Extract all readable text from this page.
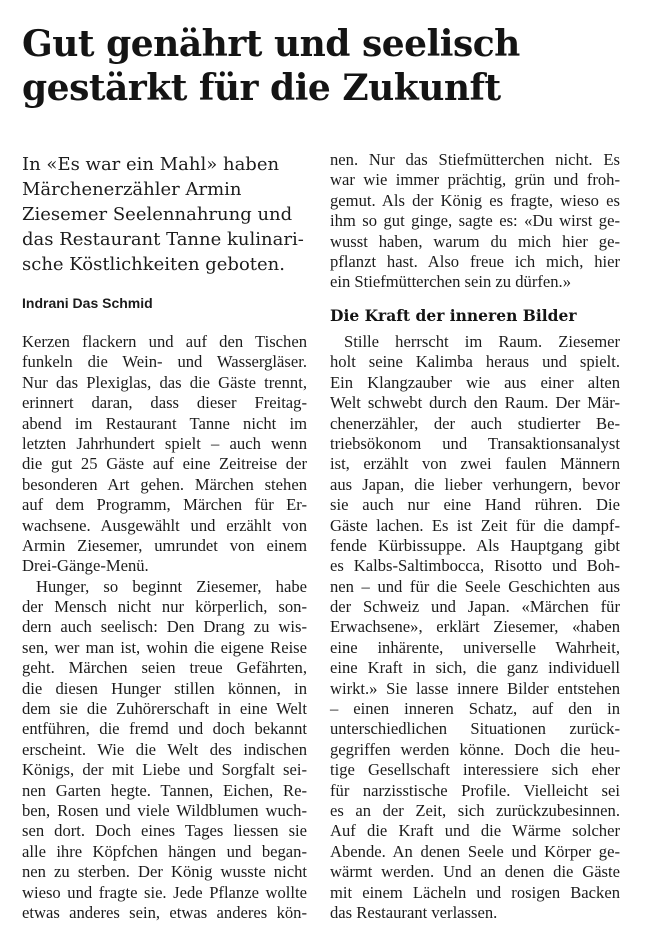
Gut genährt und seelisch
gestärkt für die Zukunft

In «Es war ein Mahl» haben
Märchenerzähler Armin
Ziesemer Seelennahrung und
das Restaurant Tanne kulinari-
sche Köstlichkeiten geboten.

Indrani Das Schmid

Kerzen flackern und auf den Tischen
funkeln die Wein- und Wassergläser.
Nur das Plexiglas, das die Gäste trennt,
erinnert daran, dass dieser Freitag-
abend im Restaurant Tanne nicht im
letzten Jahrhundert spielt – auch wenn
die gut 25 Gäste auf eine Zeitreise der
besonderen Art gehen. Märchen stehen
auf dem Programm, Märchen für Er-
wachsene. Ausgewählt und erzählt von
Armin Ziesemer, umrundet von einem
Drei-Gänge-Menü.
Hunger, so beginnt Ziesemer, habe
der Mensch nicht nur körperlich, son-
dern auch seelisch: Den Drang zu wis-
sen, wer man ist, wohin die eigene Reise
geht. Märchen seien treue Gefährten,
die diesen Hunger stillen können, in
dem sie die Zuhörerschaft in eine Welt
entführen, die fremd und doch bekannt
erscheint. Wie die Welt des indischen
Königs, der mit Liebe und Sorgfalt sei-
nen Garten hegte. Tannen, Eichen, Re-
ben, Rosen und viele Wildblumen wuch-
sen dort. Doch eines Tages liessen sie
alle ihre Köpfchen hängen und began-
nen zu sterben. Der König wusste nicht
wieso und fragte sie. Jede Pflanze wollte
etwas anderes sein, etwas anderes kön-
nen. Nur das Stiefmütterchen nicht. Es
war wie immer prächtig, grün und froh-
gemut. Als der König es fragte, wieso es
ihm so gut ginge, sagte es: «Du wirst ge-
wusst haben, warum du mich hier ge-
pflanzt hast. Also freue ich mich, hier
ein Stiefmütterchen sein zu dürfen.»
Die Kraft der inneren Bilder
Stille herrscht im Raum. Ziesemer
holt seine Kalimba heraus und spielt.
Ein Klangzauber wie aus einer alten
Welt schwebt durch den Raum. Der Mär-
chenerzähler, der auch studierter Be-
triebsökonom und Transaktionsanalyst
ist, erzählt von zwei faulen Männern
aus Japan, die lieber verhungern, bevor
sie auch nur eine Hand rühren. Die
Gäste lachen. Es ist Zeit für die dampf-
fende Kürbissuppe. Als Hauptgang gibt
es Kalbs-Saltimbocca, Risotto und Boh-
nen – und für die Seele Geschichten aus
der Schweiz und Japan. «Märchen für
Erwachsene», erklärt Ziesemer, «haben
eine inhärente, universelle Wahrheit,
eine Kraft in sich, die ganz individuell
wirkt.» Sie lasse innere Bilder entstehen
– einen inneren Schatz, auf den in
unterschiedlichen Situationen zurück-
gegriffen werden könne. Doch die heu-
tige Gesellschaft interessiere sich eher
für narzisstische Profile. Vielleicht sei
es an der Zeit, sich zurückzubesinnen.
Auf die Kraft und die Wärme solcher
Abende. An denen Seele und Körper ge-
wärmt werden. Und an denen die Gäste
mit einem Lächeln und rosigen Backen
das Restaurant verlassen.
